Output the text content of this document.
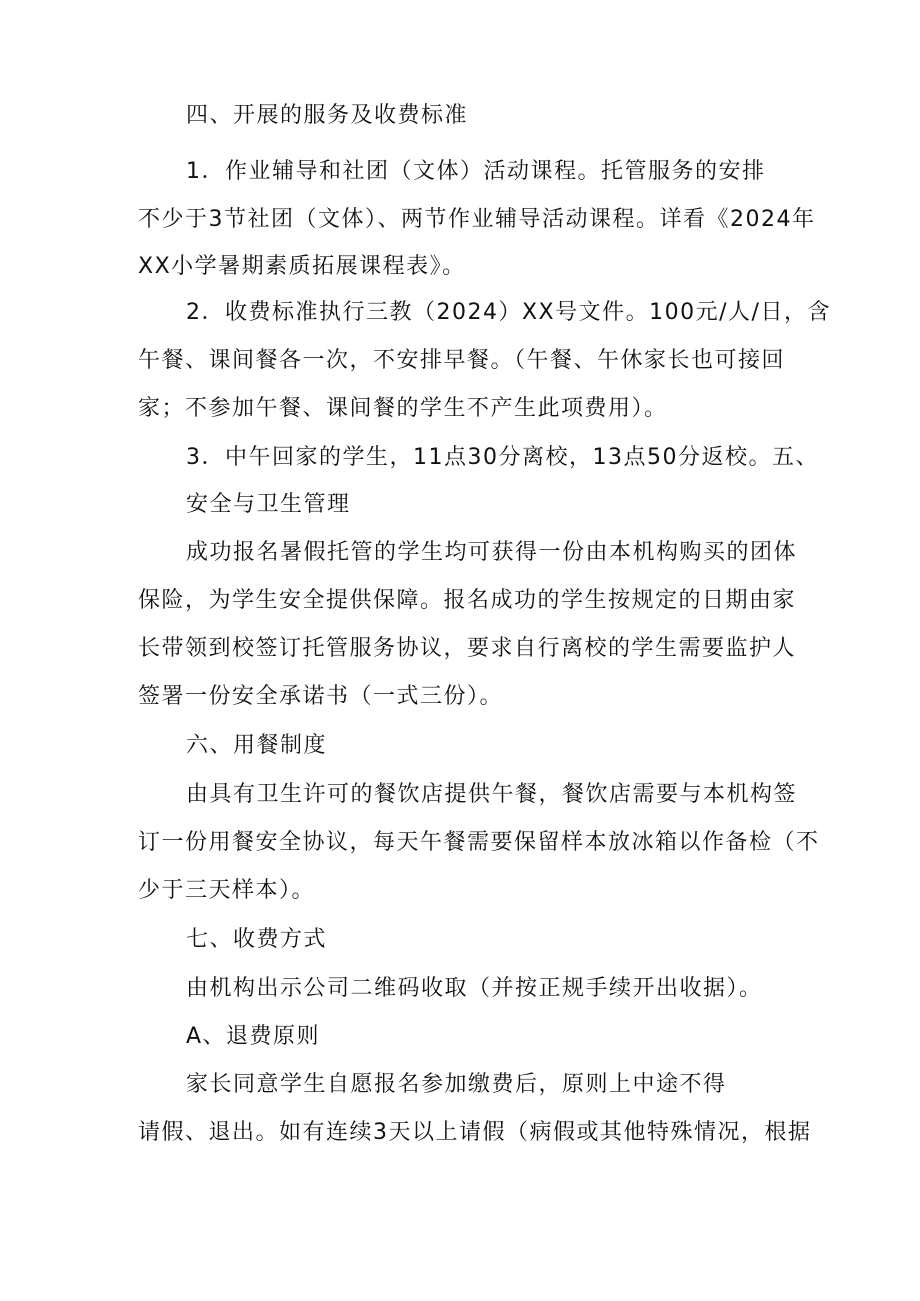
四、开展的服务及收费标准
1．作业辅导和社团（文体）活动课程。托管服务的安排
不少于3节社团（文体）、两节作业辅导活动课程。详看《2024年
XX小学暑期素质拓展课程表》。
2．收费标准执行三教（2024）XX号文件。100元/人/日，含
午餐、课间餐各一次，不安排早餐。（午餐、午休家长也可接回
家；不参加午餐、课间餐的学生不产生此项费用）。
3．中午回家的学生，11点30分离校，13点50分返校。五、
安全与卫生管理
成功报名暑假托管的学生均可获得一份由本机构购买的团体
保险，为学生安全提供保障。报名成功的学生按规定的日期由家
长带领到校签订托管服务协议，要求自行离校的学生需要监护人
签署一份安全承诺书（一式三份）。
六、用餐制度
由具有卫生许可的餐饮店提供午餐，餐饮店需要与本机构签
订一份用餐安全协议，每天午餐需要保留样本放冰箱以作备检（不
少于三天样本）。
七、收费方式
由机构出示公司二维码收取（并按正规手续开出收据）。
A、退费原则
家长同意学生自愿报名参加缴费后，原则上中途不得
请假、退出。如有连续3天以上请假（病假或其他特殊情况，根据
